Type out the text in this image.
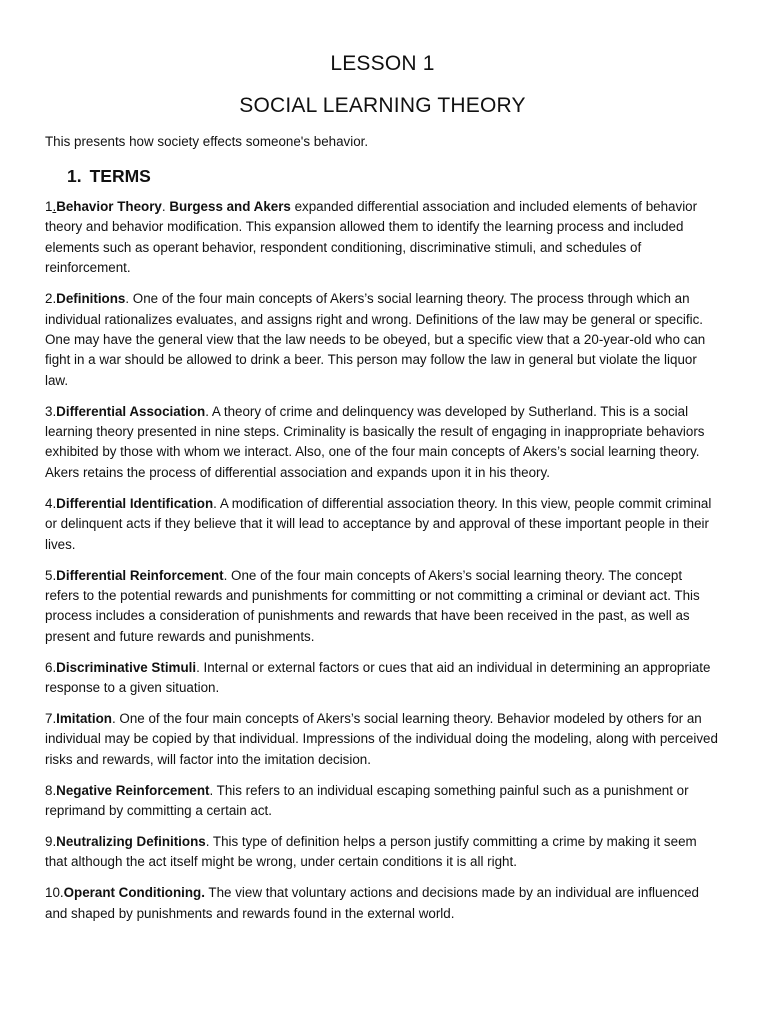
LESSON 1
SOCIAL LEARNING THEORY

This presents how society effects someone's behavior.

1. TERMS

1.Behavior Theory. Burgess and Akers expanded differential association and included elements of behavior theory and behavior modification. This expansion allowed them to identify the learning process and included elements such as operant behavior, respondent conditioning, discriminative stimuli, and schedules of reinforcement.

2.Definitions. One of the four main concepts of Akers’s social learning theory. The process through which an individual rationalizes evaluates, and assigns right and wrong. Definitions of the law may be general or specific. One may have the general view that the law needs to be obeyed, but a specific view that a 20-year-old who can fight in a war should be allowed to drink a beer. This person may follow the law in general but violate the liquor law.

3.Differential Association. A theory of crime and delinquency was developed by Sutherland. This is a social learning theory presented in nine steps. Criminality is basically the result of engaging in inappropriate behaviors exhibited by those with whom we interact. Also, one of the four main concepts of Akers’s social learning theory. Akers retains the process of differential association and expands upon it in his theory.

4.Differential Identification. A modification of differential association theory. In this view, people commit criminal or delinquent acts if they believe that it will lead to acceptance by and approval of these important people in their lives.

5.Differential Reinforcement. One of the four main concepts of Akers’s social learning theory. The concept refers to the potential rewards and punishments for committing or not committing a criminal or deviant act. This process includes a consideration of punishments and rewards that have been received in the past, as well as present and future rewards and punishments.

6.Discriminative Stimuli. Internal or external factors or cues that aid an individual in determining an appropriate response to a given situation.

7.Imitation. One of the four main concepts of Akers’s social learning theory. Behavior modeled by others for an individual may be copied by that individual. Impressions of the individual doing the modeling, along with perceived risks and rewards, will factor into the imitation decision.

8.Negative Reinforcement. This refers to an individual escaping something painful such as a punishment or reprimand by committing a certain act.

9.Neutralizing Definitions. This type of definition helps a person justify committing a crime by making it seem that although the act itself might be wrong, under certain conditions it is all right.

10.Operant Conditioning. The view that voluntary actions and decisions made by an individual are influenced and shaped by punishments and rewards found in the external world.
